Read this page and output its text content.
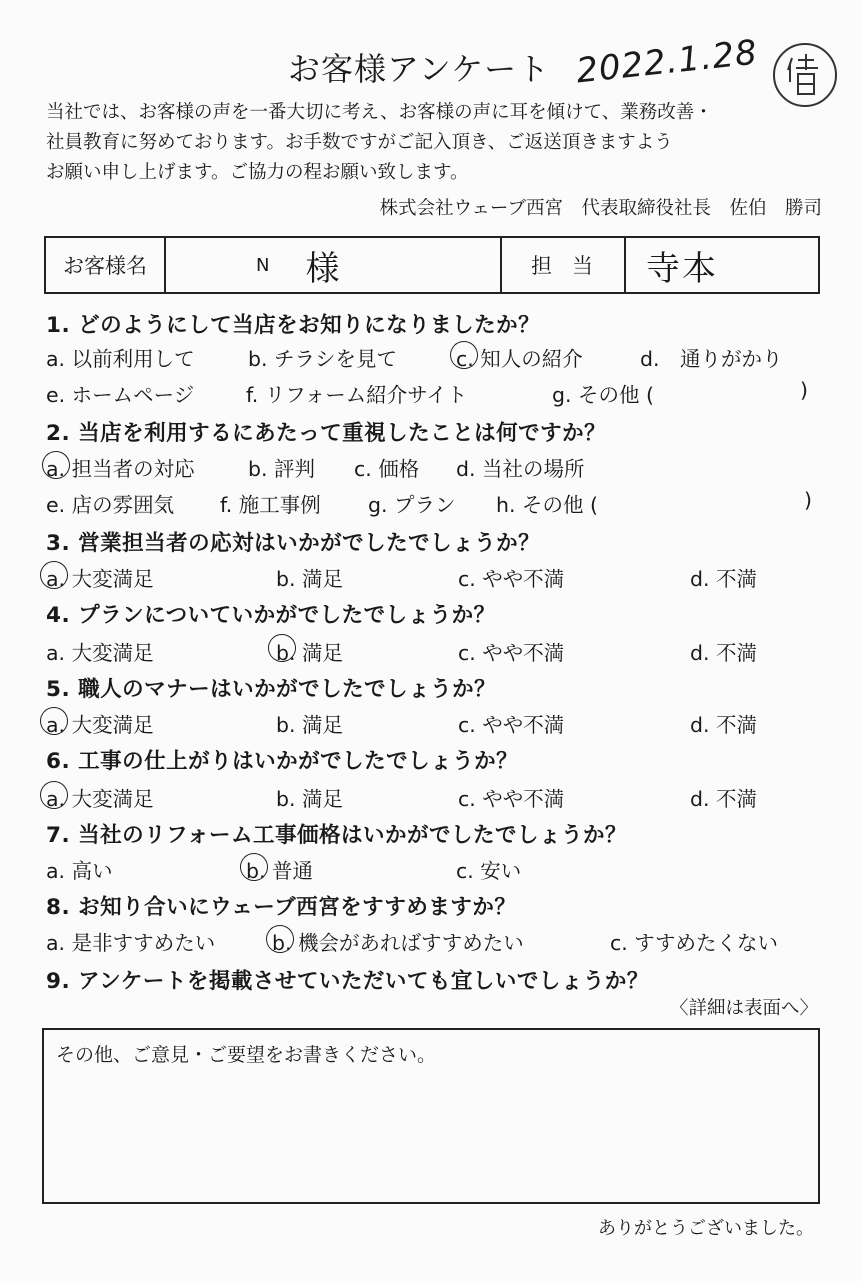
お客様アンケート 2022.1.28
当社では、お客様の声を一番大切に考え、お客様の声に耳を傾けて、業務改善・
社員教育に努めております。お手数ですがご記入頂き、ご返送頂きますよう
お願い申し上げます。ご協力の程お願い致します。
株式会社ウェーブ西宮　代表取締役社長　佐伯　勝司
お客様名	N 様	担当 寺本
1. どのようにして当店をお知りになりましたか？
a. 以前利用して	b. チラシを見て	c. 知人の紹介	d.　通りがかり
e. ホームページ	f. リフォーム紹介サイト	g. その他 (	)
2. 当店を利用するにあたって重視したことは何ですか？
a. 担当者の対応	b. 評判 c. 価格 d. 当社の場所
e. 店の雰囲気 f. 施工事例 g. プラン h. その他 (	)
3. 営業担当者の応対はいかがでしたでしょうか？
a. 大変満足	b. 満足	c. やや不満	d. 不満
4. プランについていかがでしたでしょうか？
a. 大変満足	b. 満足	c. やや不満	d. 不満
5. 職人のマナーはいかがでしたでしょうか？
a. 大変満足	b. 満足	c. やや不満	d. 不満
6. 工事の仕上がりはいかがでしたでしょうか？
a. 大変満足	b. 満足	c. やや不満	d. 不満
7. 当社のリフォーム工事価格はいかがでしたでしょうか？
a. 高い	b. 普通	c. 安い
8. お知り合いにウェーブ西宮をすすめますか？
a. 是非すすめたい	b. 機会があればすすめたい	c. すすめたくない
9. アンケートを掲載させていただいても宜しいでしょうか？
〈詳細は表面へ〉
その他、ご意見・ご要望をお書きください。
ありがとうございました。
